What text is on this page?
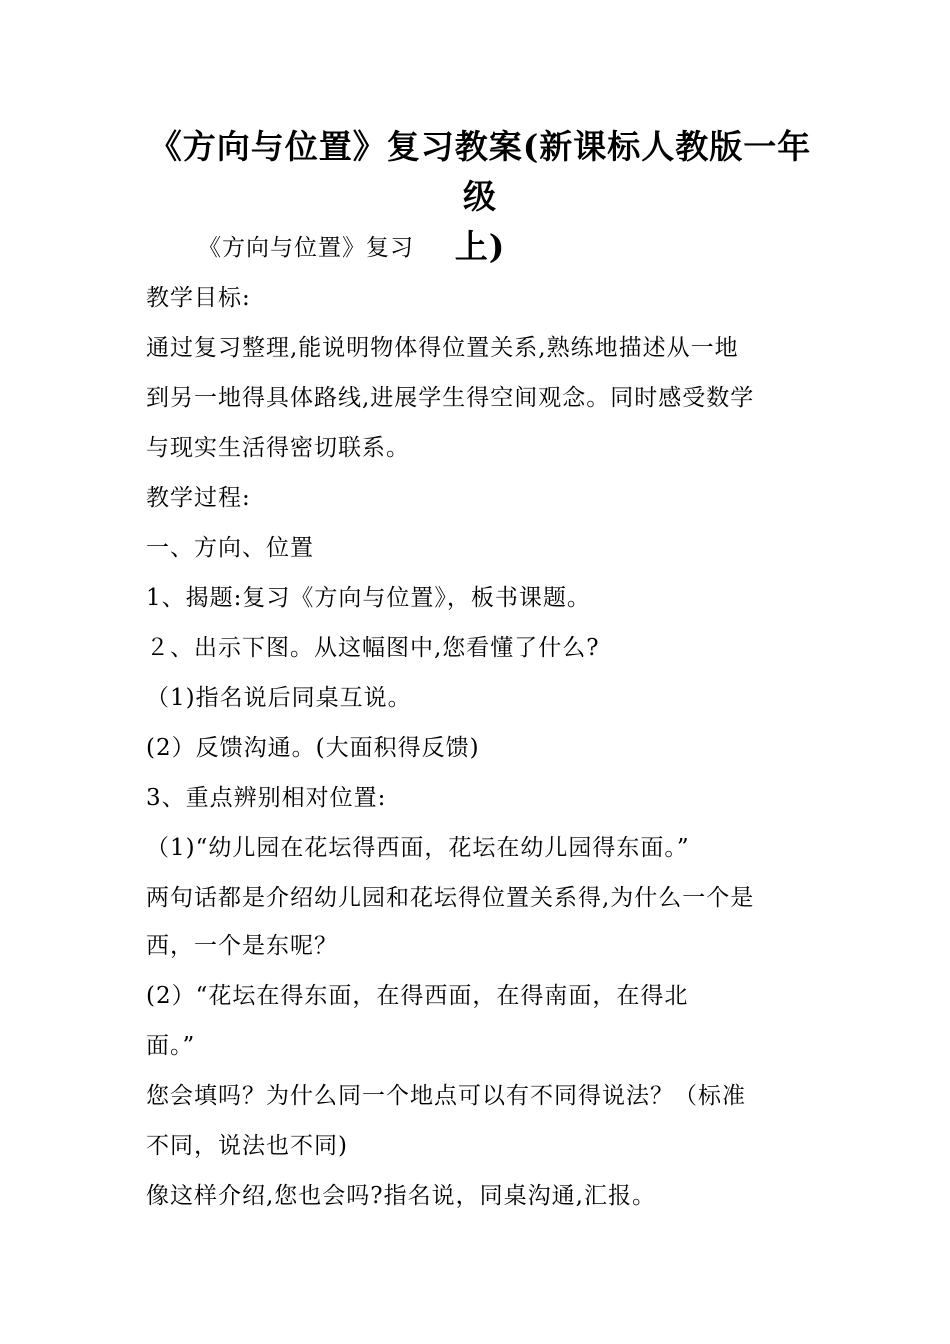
《方向与位置》复习教案(新课标人教版一年级
上)
《方向与位置》复习
教学目标:
通过复习整理,能说明物体得位置关系,熟练地描述从一地
到另一地得具体路线,进展学生得空间观念。同时感受数学
与现实生活得密切联系。
教学过程:
一、方向、位置
1、揭题:复习《方向与位置》，板书课题。
２、出示下图。从这幅图中,您看懂了什么?
（1)指名说后同桌互说。
(2）反馈沟通。(大面积得反馈)
3、重点辨别相对位置:
（1)“幼儿园在花坛得西面，花坛在幼儿园得东面。”
两句话都是介绍幼儿园和花坛得位置关系得,为什么一个是
西，一个是东呢？
(2）“花坛在得东面，在得西面，在得南面，在得北
面。”
您会填吗？为什么同一个地点可以有不同得说法？（标准
不同，说法也不同)
像这样介绍,您也会吗?指名说，同桌沟通,汇报。
